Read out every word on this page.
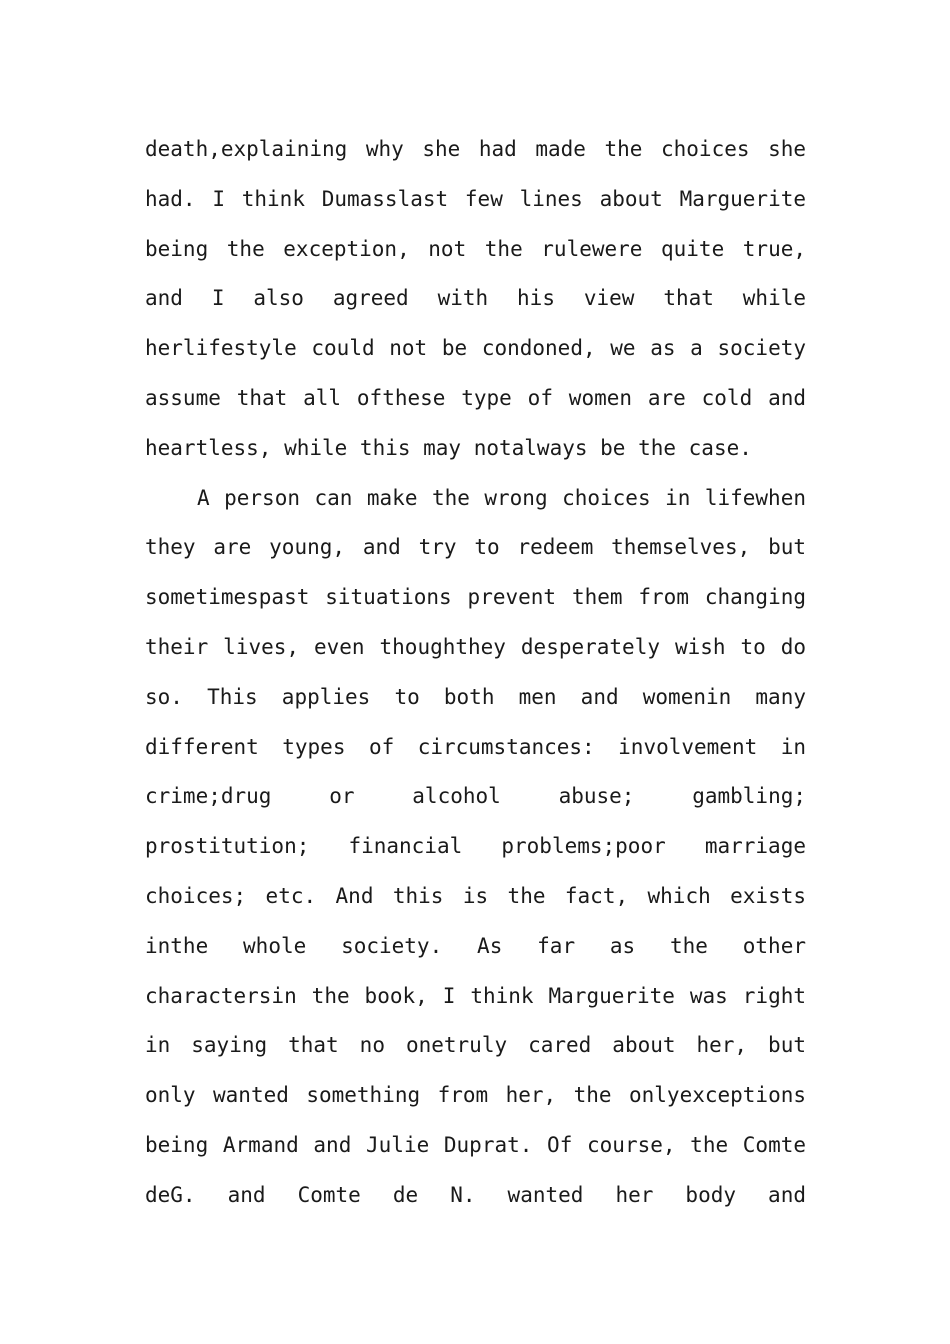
death,explaining why she had made the choices she
had. I think Dumasslast few lines about Marguerite
being the exception, not the rulewere quite true,
and I also agreed with his view that while
herlifestyle could not be condoned, we as a society
assume that all ofthese type of women are cold and
heartless, while this may notalways be the case.
A person can make the wrong choices in lifewhen
they are young, and try to redeem themselves, but
sometimespast situations prevent them from changing
their lives, even thoughthey desperately wish to do
so. This applies to both men and womenin many
different types of circumstances: involvement in
crime;drug or alcohol abuse; gambling;
prostitution; financial problems;poor marriage
choices; etc. And this is the fact, which exists
inthe whole society. As far as the other
charactersin the book, I think Marguerite was right
in saying that no onetruly cared about her, but
only wanted something from her, the onlyexceptions
being Armand and Julie Duprat. Of course, the Comte
deG. and Comte de N. wanted her body and
